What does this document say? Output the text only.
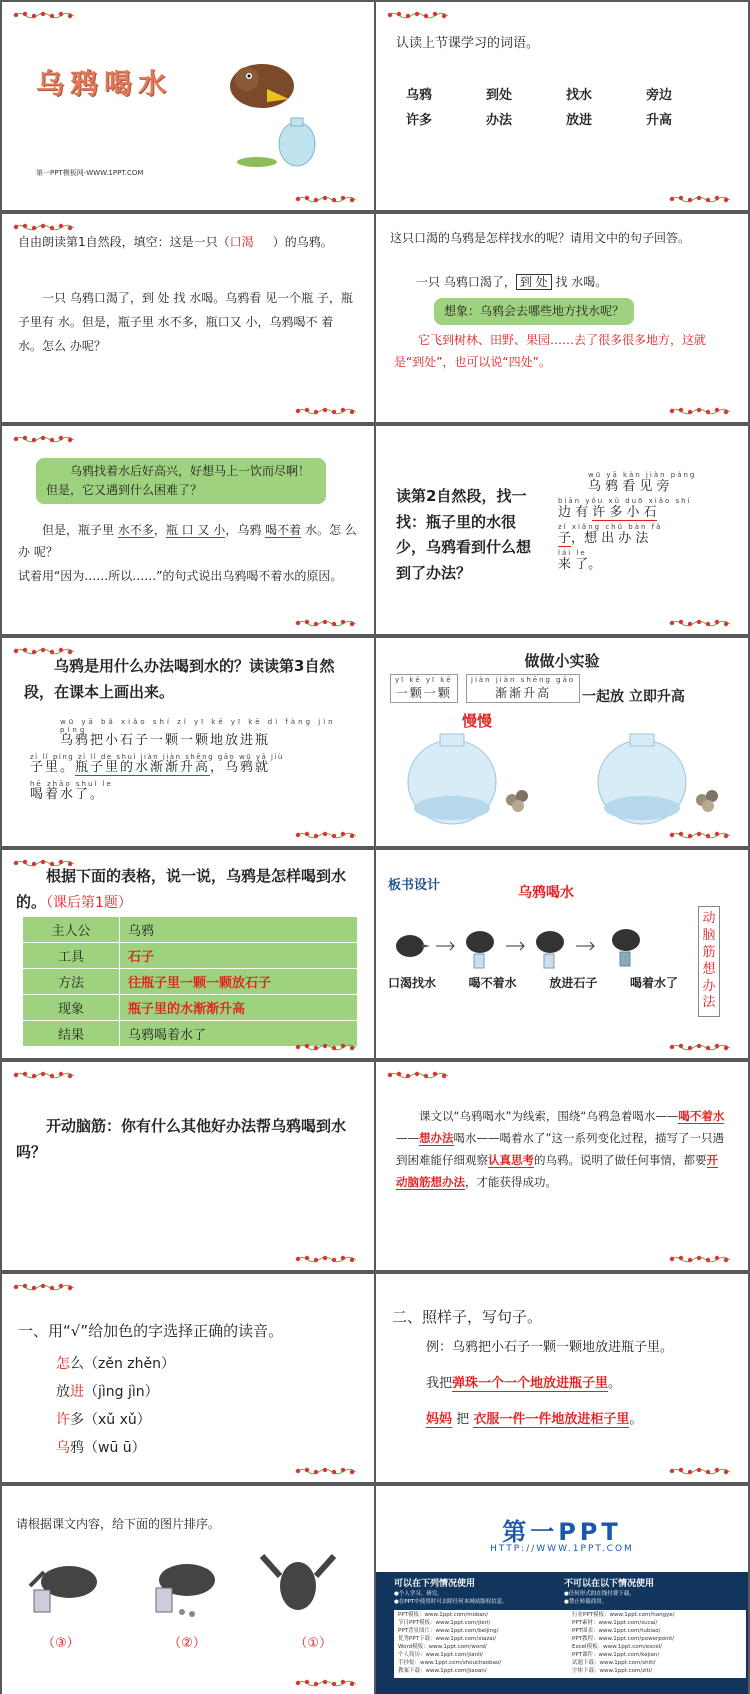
乌鸦喝水
第一PPT模板网-WWW.1PPT.COM
认读上节课学习的词语。
乌鸦	到处	找水	旁边
许多	办法	放进	升高
自由朗读第1自然段，填空：这是一只（口渴 ）的乌鸦。
一只 乌鸦口渴了，到 处 找 水喝。乌鸦看 见一个瓶 子，瓶 子里有 水。但是，瓶子里 水不多，瓶口又 小，乌鸦喝不 着 水。怎么 办呢？
这只口渴的乌鸦是怎样找水的呢？请用文中的句子回答。
一只 乌鸦口渴了， 到 处 找 水喝。
想象：乌鸦会去哪些地方找水呢？
它飞到树林、田野、果园……去了很多很多地方，这就是“到处”，也可以说“四处”。
乌鸦找着水后好高兴，好想马上一饮而尽啊！但是，它又遇到什么困难了？
但是，瓶子里 水不多，瓶 口 又 小，乌鸦 喝不着 水。怎 么 办 呢？
试着用“因为……所以……”的句式说出乌鸦喝不着水的原因。
读第2自然段，找一找：瓶子里的水很少，乌鸦看到什么想到了办法？
wū yā kàn jiàn páng
乌 鸦 看 见 旁
biān yǒu xǔ duō xiǎo shí
边 有 许 多 小 石
zǐ xiǎng chū bàn fǎ
子，想 出 办 法
lái le
来 了。
乌鸦是用什么办法喝到水的？读读第3自然段，在课本上画出来。
wū yā bǎ xiǎo shí zǐ yī kē yī kē dì fàng jìn píng
乌鸦把小石子一颗一颗地放进瓶
zǐ lǐ píng zǐ lǐ de shuǐ jiàn jiàn shēng gāo wū yā jiù
子里。瓶子里的水渐渐升高，乌鸦就
hē zhāo shuǐ le
喝着水了。
做做小实验
yī kē yī kē
一颗一颗
jiàn jiàn shēng gāo
渐渐升高
慢慢
一起放 立即升高
根据下面的表格，说一说，乌鸦是怎样喝到水的。（课后第1题）
主人公	乌鸦
工具	石子
方法	往瓶子里一颗一颗放石子
现象	瓶子里的水渐渐升高
结果	乌鸦喝着水了
板书设计	乌鸦喝水
口渴找水	喝不着水	放进石子	喝着水了
动脑筋想办法
开动脑筋：你有什么其他好办法帮乌鸦喝到水吗？
课文以“乌鸦喝水”为线索，围绕“乌鸦急着喝水——喝不着水——想办法喝水——喝着水了”这一系列变化过程，描写了一只遇到困难能仔细观察认真思考的乌鸦。说明了做任何事情，都要开动脑筋想办法，才能获得成功。
一、用“√”给加色的字选择正确的读音。
怎么（zěn zhěn）
放进（jìng jìn）
许多（xǔ xǔ）
乌鸦（wū ū）
二、照样子，写句子。
例：乌鸦把小石子一颗一颗地放进瓶子里。
我把弹珠一个一个地放进瓶子里。
妈妈 把 衣服一件一件地放进柜子里。
请根据课文内容，给下面的图片排序。
（③）	（②）	（①）
第一PPT
HTTP://WWW.1PPT.COM
可以在下列情况使用	不可以在以下情况使用
●个人学习、研究。
●在PPT中使用时可去除任何本网站版权信息。
●任何形式的在线付费下载。
●禁止转载商用。
PPT模板：www.1ppt.com/moban/
节日PPT模板：www.1ppt.com/jieri/
PPT背景图片：www.1ppt.com/beijing/
优秀PPT下载：www.1ppt.com/xiazai/
Word模板：www.1ppt.com/word/
个人简历：www.1ppt.com/jianli/
手抄报：www.1ppt.com/shouchaobao/
教案下载：www.1ppt.com/jiaoan/
行业PPT模板：www.1ppt.com/hangye/
PPT素材：www.1ppt.com/sucai/
PPT图表：www.1ppt.com/tubiao/
PPT教程：www.1ppt.com/powerpoint/
Excel模板：www.1ppt.com/excel/
PPT课件：www.1ppt.com/kejian/
试题下载：www.1ppt.com/shiti/
字体下载：www.1ppt.com/ziti/
